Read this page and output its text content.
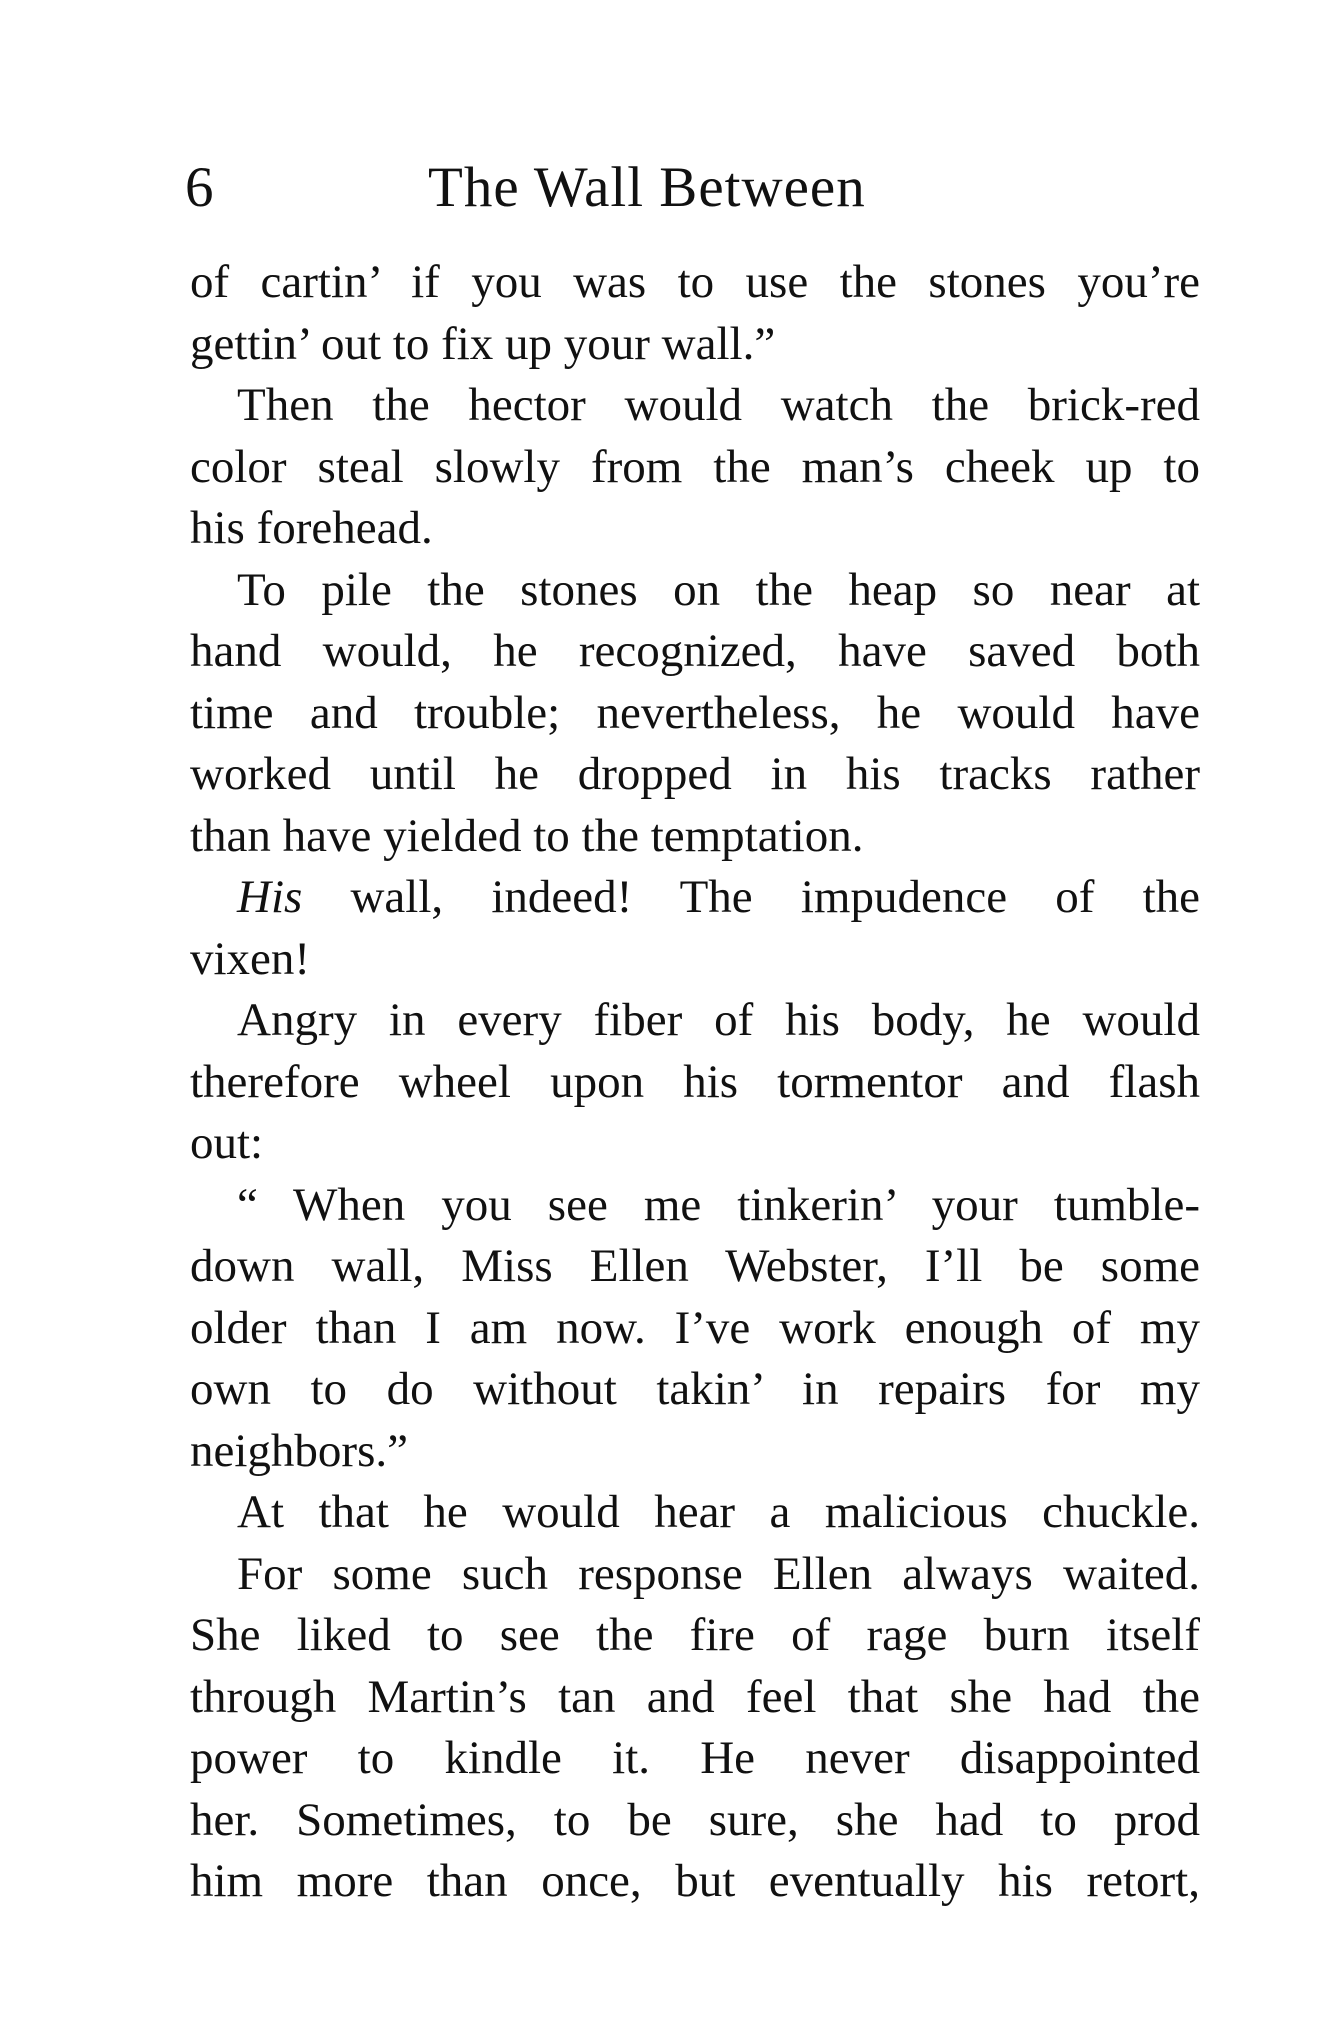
6	The Wall Between
of cartin’ if you was to use the stones you’re
gettin’ out to fix up your wall.”
Then the hector would watch the brick-red
color steal slowly from the man’s cheek up to
his forehead.
To pile the stones on the heap so near at
hand would, he recognized, have saved both
time and trouble; nevertheless, he would have
worked until he dropped in his tracks rather
than have yielded to the temptation.
His wall, indeed! The impudence of the
vixen!
Angry in every fiber of his body, he would
therefore wheel upon his tormentor and flash
out:
“ When you see me tinkerin’ your tumble-
down wall, Miss Ellen Webster, I’ll be some
older than I am now. I’ve work enough of my
own to do without takin’ in repairs for my
neighbors.”
At that he would hear a malicious chuckle.
For some such response Ellen always waited.
She liked to see the fire of rage burn itself
through Martin’s tan and feel that she had the
power to kindle it. He never disappointed
her. Sometimes, to be sure, she had to prod
him more than once, but eventually his retort,
